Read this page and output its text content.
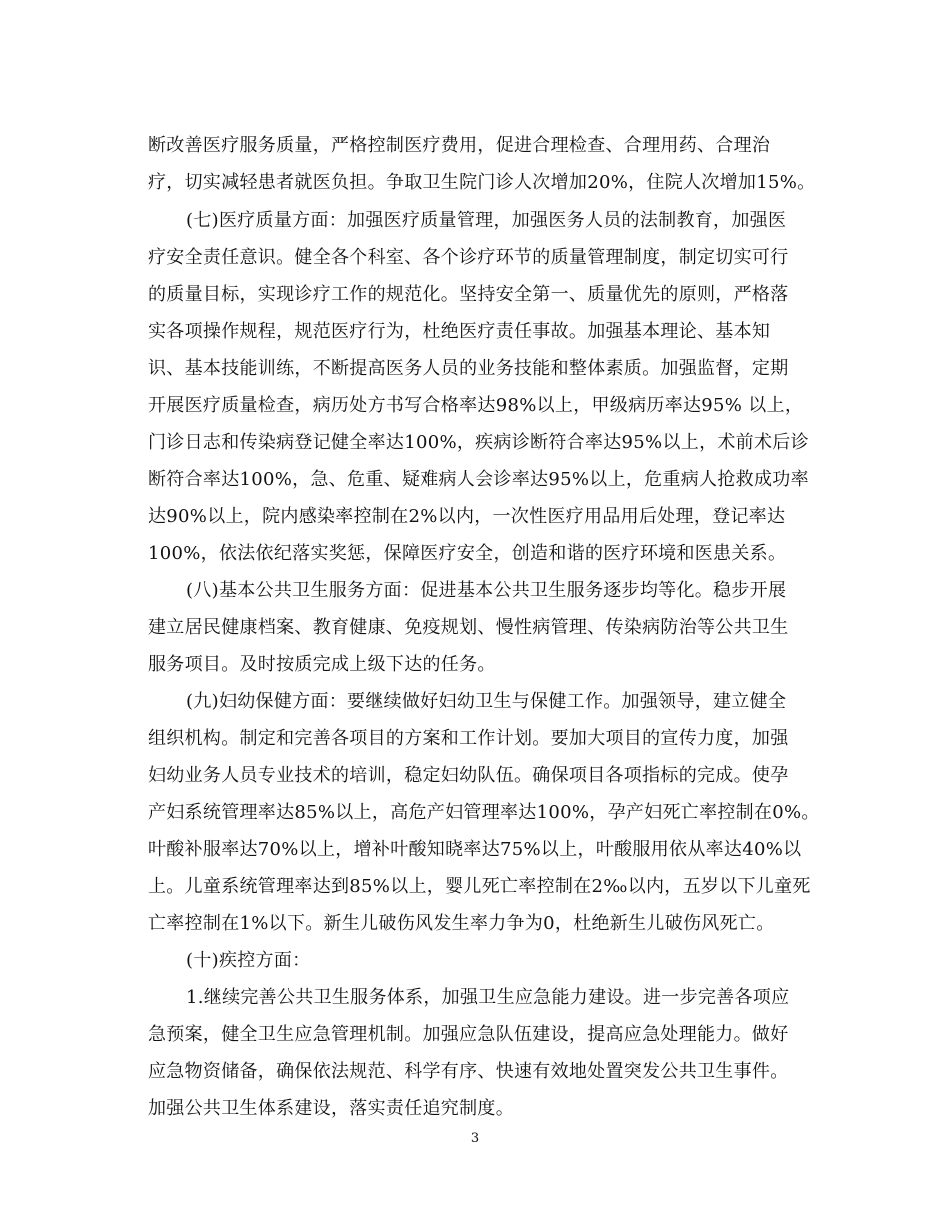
断改善医疗服务质量，严格控制医疗费用，促进合理检查、合理用药、合理治
疗，切实减轻患者就医负担。争取卫生院门诊人次增加20%，住院人次增加15%。
(七)医疗质量方面：加强医疗质量管理，加强医务人员的法制教育，加强医
疗安全责任意识。健全各个科室、各个诊疗环节的质量管理制度，制定切实可行
的质量目标，实现诊疗工作的规范化。坚持安全第一、质量优先的原则，严格落
实各项操作规程，规范医疗行为，杜绝医疗责任事故。加强基本理论、基本知
识、基本技能训练，不断提高医务人员的业务技能和整体素质。加强监督，定期
开展医疗质量检查，病历处方书写合格率达98%以上，甲级病历率达95% 以上，
门诊日志和传染病登记健全率达100%，疾病诊断符合率达95%以上，术前术后诊
断符合率达100%，急、危重、疑难病人会诊率达95%以上，危重病人抢救成功率
达90%以上，院内感染率控制在2%以内，一次性医疗用品用后处理，登记率达
100%，依法依纪落实奖惩，保障医疗安全，创造和谐的医疗环境和医患关系。
(八)基本公共卫生服务方面：促进基本公共卫生服务逐步均等化。稳步开展
建立居民健康档案、教育健康、免疫规划、慢性病管理、传染病防治等公共卫生
服务项目。及时按质完成上级下达的任务。
(九)妇幼保健方面：要继续做好妇幼卫生与保健工作。加强领导，建立健全
组织机构。制定和完善各项目的方案和工作计划。要加大项目的宣传力度，加强
妇幼业务人员专业技术的培训，稳定妇幼队伍。确保项目各项指标的完成。使孕
产妇系统管理率达85%以上，高危产妇管理率达100%，孕产妇死亡率控制在0%。
叶酸补服率达70%以上，增补叶酸知晓率达75%以上，叶酸服用依从率达40%以
上。儿童系统管理率达到85%以上，婴儿死亡率控制在2‰以内，五岁以下儿童死
亡率控制在1%以下。新生儿破伤风发生率力争为0，杜绝新生儿破伤风死亡。
(十)疾控方面：
1.继续完善公共卫生服务体系，加强卫生应急能力建设。进一步完善各项应
急预案，健全卫生应急管理机制。加强应急队伍建设，提高应急处理能力。做好
应急物资储备，确保依法规范、科学有序、快速有效地处置突发公共卫生事件。
加强公共卫生体系建设，落实责任追究制度。
3
